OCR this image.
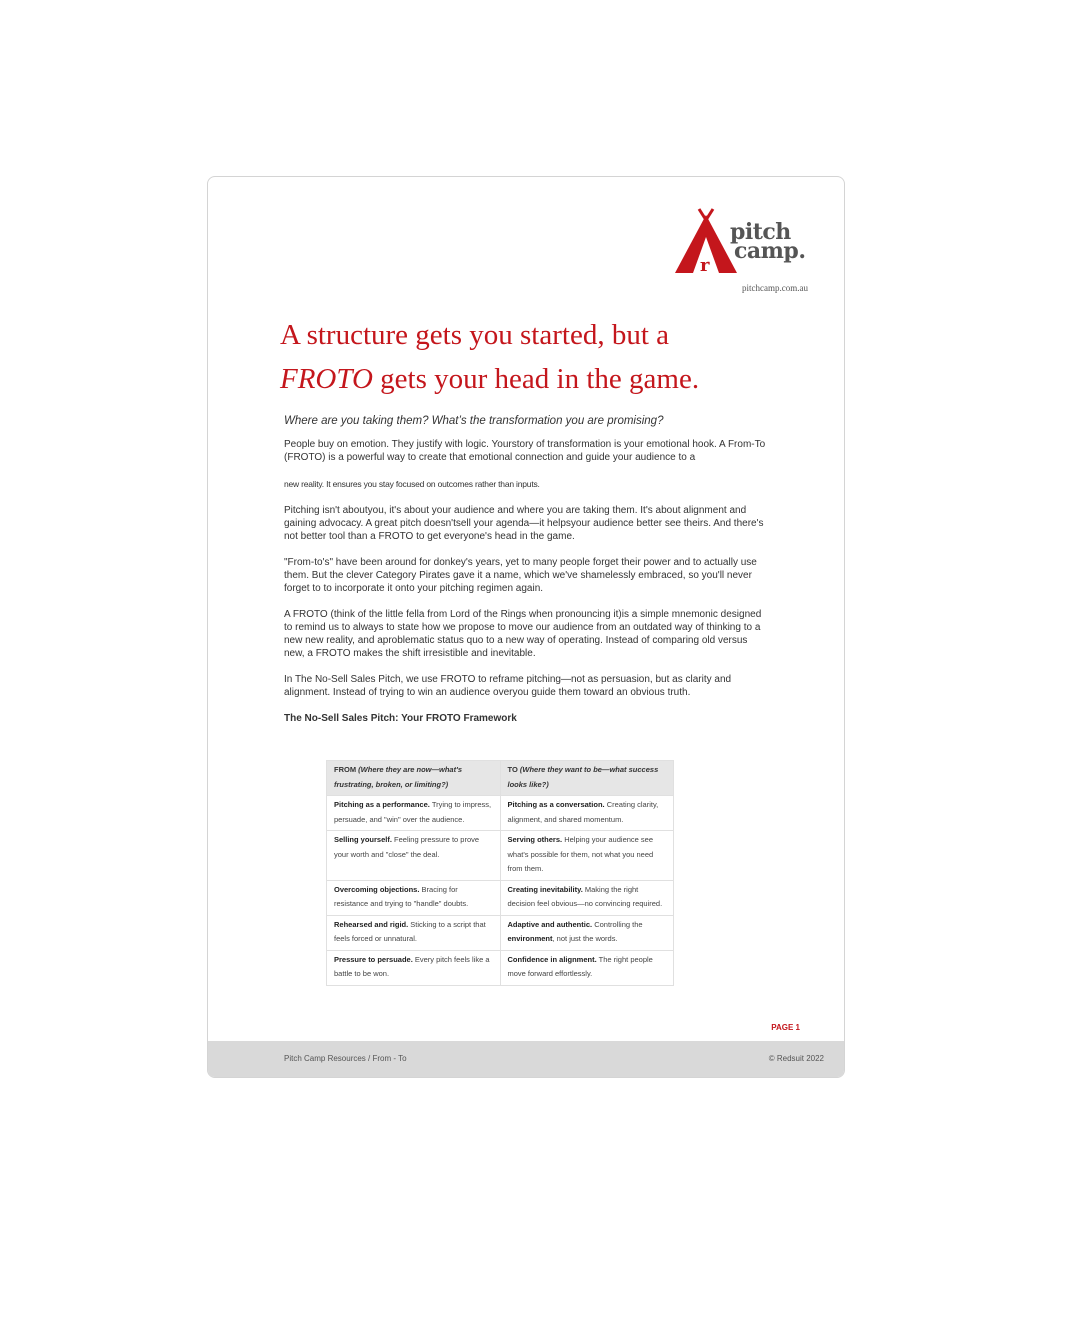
r
pitch
camp.
pitchcamp.com.au
A structure gets you started, but a
FROTO gets your head in the game.

Where are you taking them? What’s the transformation you are promising?

People buy on emotion. They justify with logic. Yourstory of transformation is your emotional hook. A From-To (FROTO) is a powerful way to create that emotional connection and guide your audience to a

new reality. It ensures you stay focused on outcomes rather than inputs.

Pitching isn't aboutyou, it's about your audience and where you are taking them. It's about alignment and gaining advocacy. A great pitch doesn'tsell your agenda—it helpsyour audience better see theirs. And there's not better tool than a FROTO to get everyone's head in the game.

"From-to's" have been around for donkey's years, yet to many people forget their power and to actually use them. But the clever Category Pirates gave it a name, which we've shamelessly embraced, so you'll never forget to to incorporate it onto your pitching regimen again.

A FROTO (think of the little fella from Lord of the Rings when pronouncing it)is a simple mnemonic designed to remind us to always to state how we propose to move our audience from an outdated way of thinking to a new new reality, and aproblematic status quo to a new way of operating. Instead of comparing old versus new, a FROTO makes the shift irresistible and inevitable.

In The No-Sell Sales Pitch, we use FROTO to reframe pitching—not as persuasion, but as clarity and alignment. Instead of trying to win an audience overyou guide them toward an obvious truth.

The No-Sell Sales Pitch: Your FROTO Framework

FROM (Where they are now—what's frustrating, broken, or limiting?)	TO (Where they want to be—what success looks like?)
Pitching as a performance. Trying to impress, persuade, and "win" over the audience.	Pitching as a conversation. Creating clarity, alignment, and shared momentum.
Selling yourself. Feeling pressure to prove your worth and "close" the deal.	Serving others. Helping your audience see what's possible for them, not what you need from them.
Overcoming objections. Bracing for resistance and trying to "handle" doubts.	Creating inevitability. Making the right decision feel obvious—no convincing required.
Rehearsed and rigid. Sticking to a script that feels forced or unnatural.	Adaptive and authentic. Controlling the environment, not just the words.
Pressure to persuade. Every pitch feels like a battle to be won.	Confidence in alignment. The right people move forward effortlessly.
PAGE 1
Pitch Camp Resources / From - To	© Redsuit 2022
